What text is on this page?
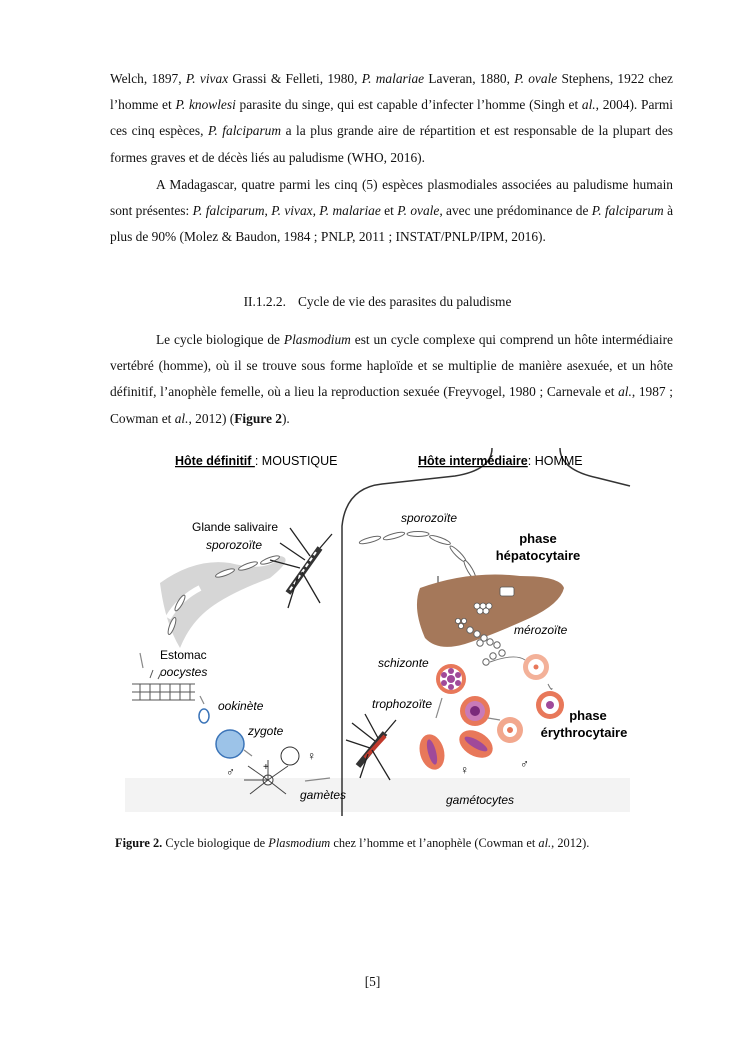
Welch, 1897, P. vivax Grassi & Felleti, 1980, P. malariae Laveran, 1880, P. ovale Stephens, 1922 chez l’homme et P. knowlesi parasite du singe, qui est capable d’infecter l’homme (Singh et al., 2004). Parmi ces cinq espèces, P. falciparum a la plus grande aire de répartition et est responsable de la plupart des formes graves et de décès liés au paludisme (WHO, 2016).

A Madagascar, quatre parmi les cinq (5) espèces plasmodiales associées au paludisme humain sont présentes: P. falciparum, P. vivax, P. malariae et P. ovale, avec une prédominance de P. falciparum à plus de 90% (Molez & Baudon, 1984 ; PNLP, 2011 ; INSTAT/PNLP/IPM, 2016).

II.1.2.2. Cycle de vie des parasites du paludisme

Le cycle biologique de Plasmodium est un cycle complexe qui comprend un hôte intermédiaire vertébré (homme), où il se trouve sous forme haploïde et se multiplie de manière asexuée, et un hôte définitif, l’anophèle femelle, où a lieu la reproduction sexuée (Freyvogel, 1980 ; Carnevale et al., 1987 ; Cowman et al., 2012) (Figure 2).

Hôte définitif : MOUSTIQUE	Hôte intermédiaire: HOMME
Glande salivaire
sporozoïte
sporozoïte
phase
hépatocytaire
mérozoïte
schizonte
phase
érythrocytaire
trophozoïte
♂
♀
gamétocytes
Estomac
oocystes
ookinète
zygote
♀
♂	+
gamètes
Figure 2. Cycle biologique de Plasmodium chez l’homme et l’anophèle (Cowman et al., 2012).
[5]
